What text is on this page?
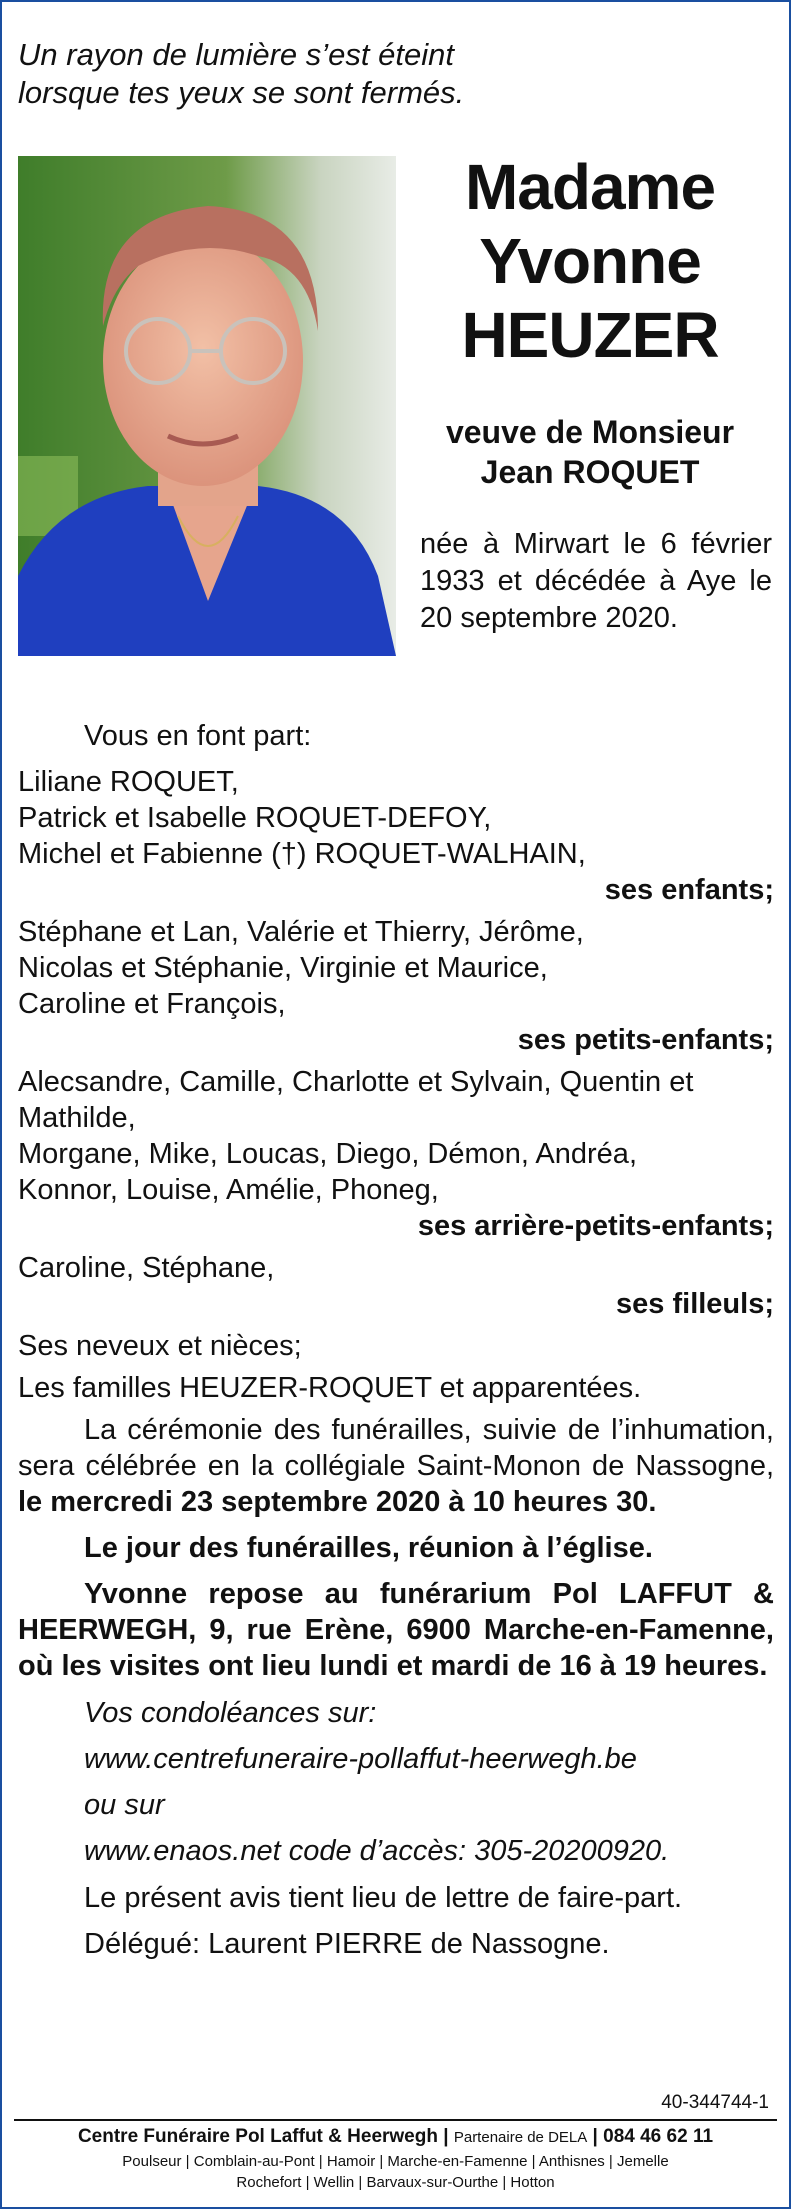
Un rayon de lumière s’est éteint
lorsque tes yeux se sont fermés.
Madame
Yvonne
HEUZER
veuve de Monsieur
Jean ROQUET
née à Mirwart le 6 février 1933 et décédée à Aye le 20 septembre 2020.

Vous en font part:

Liliane ROQUET,

Patrick et Isabelle ROQUET-DEFOY,

Michel et Fabienne (†) ROQUET-WALHAIN,

ses enfants;

Stéphane et Lan, Valérie et Thierry, Jérôme,

Nicolas et Stéphanie, Virginie et Maurice,

Caroline et François,

ses petits-enfants;

Alecsandre, Camille, Charlotte et Sylvain, Quentin et Mathilde,

Morgane, Mike, Loucas, Diego, Démon, Andréa,

Konnor, Louise, Amélie, Phoneg,

ses arrière-petits-enfants;

Caroline, Stéphane,

ses filleuls;

Ses neveux et nièces;

Les familles HEUZER-ROQUET et apparentées.

La cérémonie des funérailles, suivie de l’inhumation, sera célébrée en la collégiale Saint-Monon de Nassogne, le mercredi 23 septembre 2020 à 10 heures 30.

Le jour des funérailles, réunion à l’église.

Yvonne repose au funérarium Pol LAFFUT & HEERWEGH, 9, rue Erène, 6900 Marche-en-Famenne, où les visites ont lieu lundi et mardi de 16 à 19 heures.

Vos condoléances sur:

www.centrefuneraire-pollaffut-heerwegh.be

ou sur

www.enaos.net code d’accès: 305-20200920.

Le présent avis tient lieu de lettre de faire-part.

Délégué: Laurent PIERRE de Nassogne.

40-344744-1
Centre Funéraire Pol Laffut & Heerwegh | Partenaire de DELA | 084 46 62 11
Poulseur | Comblain-au-Pont | Hamoir | Marche-en-Famenne | Anthisnes | Jemelle
Rochefort | Wellin | Barvaux-sur-Ourthe | Hotton
